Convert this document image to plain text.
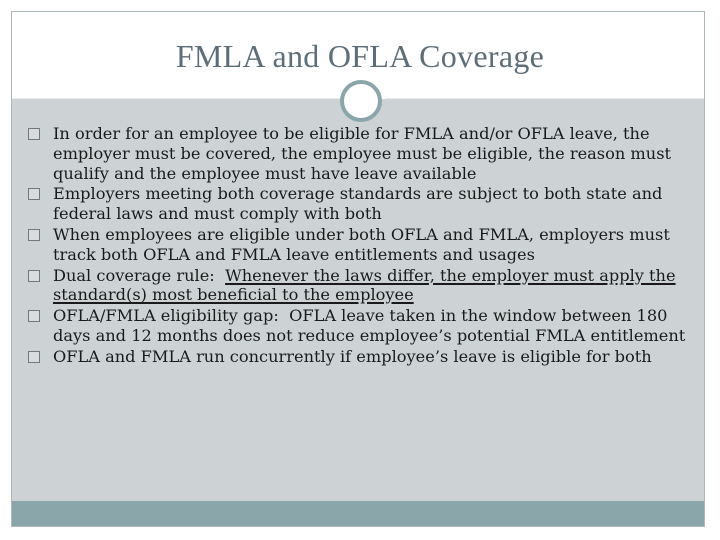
FMLA and OFLA Coverage
In order for an employee to be eligible for FMLA and/or OFLA leave, the employer must be covered, the employee must be eligible, the reason must qualify and the employee must have leave available
Employers meeting both coverage standards are subject to both state and federal laws and must comply with both
When employees are eligible under both OFLA and FMLA, employers must track both OFLA and FMLA leave entitlements and usages
Dual coverage rule:  Whenever the laws differ, the employer must apply the standard(s) most beneficial to the employee
OFLA/FMLA eligibility gap:  OFLA leave taken in the window between 180 days and 12 months does not reduce employee’s potential FMLA entitlement
OFLA and FMLA run concurrently if employee’s leave is eligible for both
